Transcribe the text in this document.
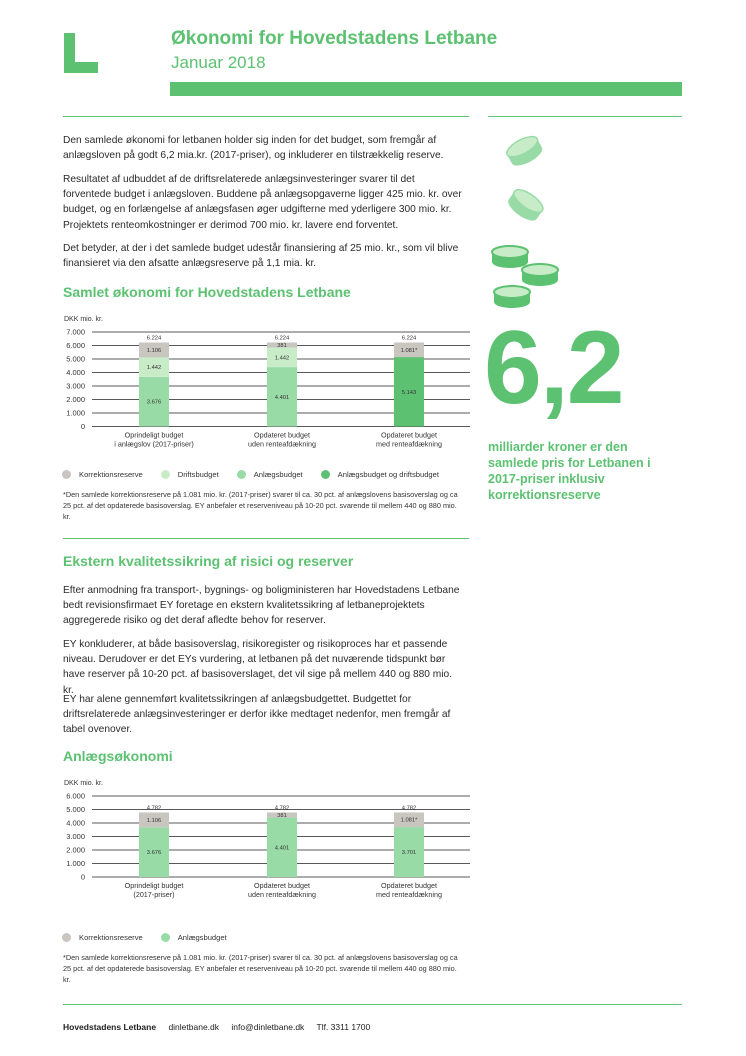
Økonomi for Hovedstadens Letbane
Januar 2018

Den samlede økonomi for letbanen holder sig inden for det budget, som fremgår af anlægsloven på godt 6,2 mia.kr. (2017-priser), og inkluderer en tilstrækkelig reserve.

Resultatet af udbuddet af de driftsrelaterede anlægsinvesteringer svarer til det forventede budget i anlægsloven. Buddene på anlægsopgaverne ligger 425 mio. kr. over budget, og en forlængelse af anlægsfasen øger udgifterne med yderligere 300 mio. kr. Projektets renteomkostninger er derimod 700 mio. kr. lavere end forventet.

Det betyder, at der i det samlede budget udestår finansiering af 25 mio. kr., som vil blive finansieret via den afsatte anlægsreserve på 1,1 mia. kr.

Samlet økonomi for Hovedstadens Letbane
DKK mio. kr.
0
1.000
2.000
3.000
4.000
5.000
6.000
7.000
3.676
1.442
1.106
6.224
Oprindeligt budget
i anlægslov (2017-priser)
4.401
1.442
381
6.224
Opdateret budget
uden renteafdækning
5.143
1.081*
6.224
Opdateret budget
med renteafdækning
Korrektionsreserve	Driftsbudget	Anlægsbudget	Anlægsbudget og driftsbudget
*Den samlede korrektionsreserve på 1.081 mio. kr. (2017-priser) svarer til ca. 30 pct. af anlægslovens basisoverslag og ca 25 pct. af det opdaterede basisoverslag. EY anbefaler et reserveniveau på 10-20 pct. svarende til mellem 440 og 880 mio. kr.
Ekstern kvalitetssikring af risici og reserver

Efter anmodning fra transport-, bygnings- og boligministeren har Hovedstadens Letbane bedt revisionsfirmaet EY foretage en ekstern kvalitetssikring af letbaneprojektets aggregerede risiko og det deraf afledte behov for reserver.

EY konkluderer, at både basisoverslag, risikoregister og risikoproces har et passende niveau. Derudover er det EYs vurdering, at letbanen på det nuværende tidspunkt bør have reserver på 10-20 pct. af basisoverslaget, det vil sige på mellem 440 og 880 mio. kr.

EY har alene gennemført kvalitetssikringen af anlægsbudgettet. Budgettet for driftsrelaterede anlægsinvesteringer er derfor ikke medtaget nedenfor, men fremgår af tabel ovenover.

Anlægsøkonomi
DKK mio. kr.
0
1.000
2.000
3.000
4.000
5.000
6.000
3.676
1.106
4.782
Oprindeligt budget
(2017-priser)
4.401
381
4.782
Opdateret budget
uden renteafdækning
3.701
1.081*
4.782
Opdateret budget
med renteafdækning
Korrektionsreserve	Anlægsbudget
*Den samlede korrektionsreserve på 1.081 mio. kr. (2017-priser) svarer til ca. 30 pct. af anlægslovens basisoverslag og ca 25 pct. af det opdaterede basisoverslag. EY anbefaler et reserveniveau på 10-20 pct. svarende til mellem 440 og 880 mio. kr.
6,2
milliarder kroner er den samlede pris for Letbanen i 2017-priser inklusiv korrektionsreserve
Hovedstadens Letbane dinletbane.dk info@dinletbane.dk Tlf. 3311 1700
